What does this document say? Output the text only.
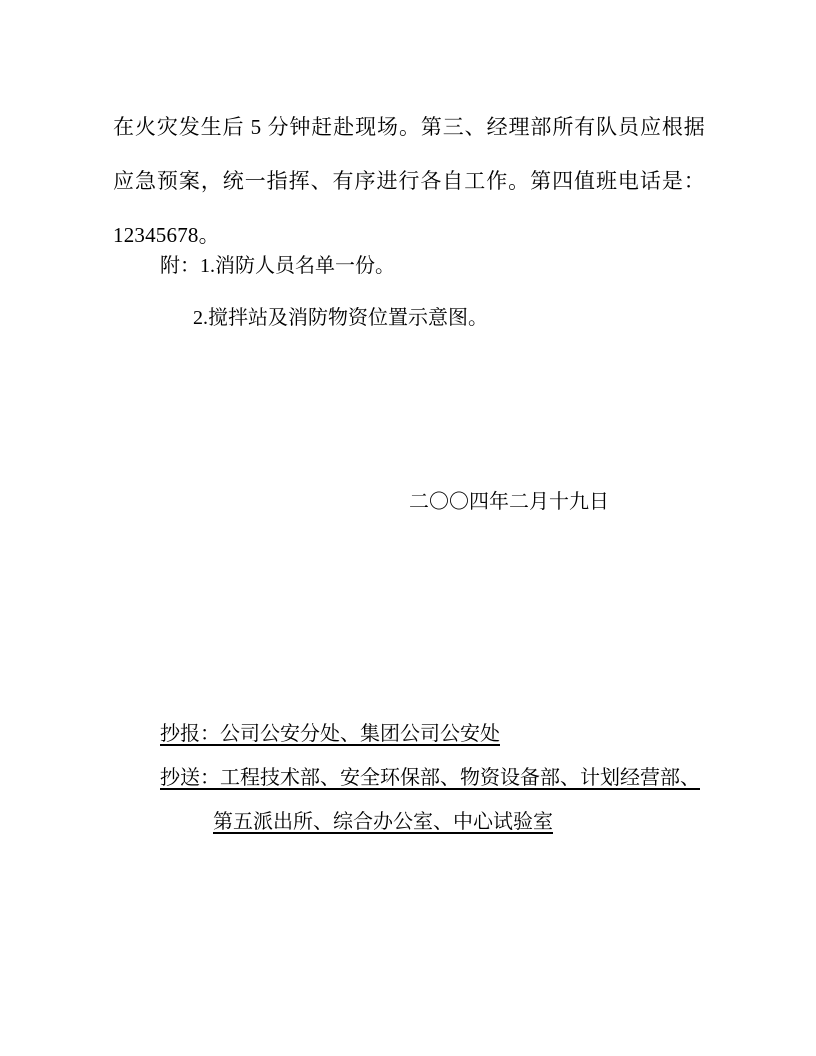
在火灾发生后 5 分钟赶赴现场。第三、经理部所有队员应根据应急预案，统一指挥、有序进行各自工作。第四值班电话是：12345678。

附：1.消防人员名单一份。

2.搅拌站及消防物资位置示意图。

二〇〇四年二月十九日

抄报：公司公安分处、集团公司公安处

抄送：工程技术部、安全环保部、物资设备部、计划经营部、

第五派出所、综合办公室、中心试验室
